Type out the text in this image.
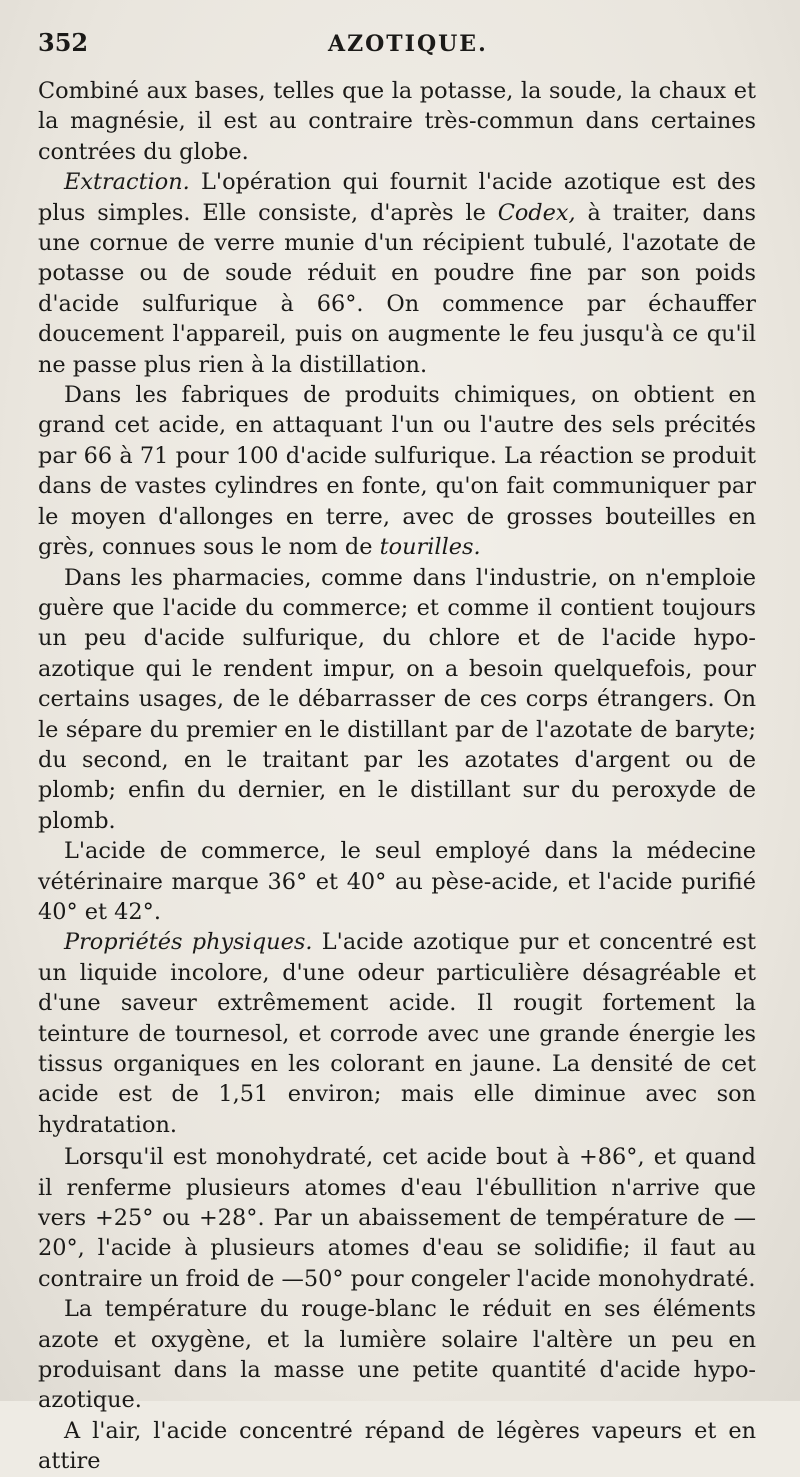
352	AZOTIQUE.

Combiné aux bases, telles que la potasse, la soude, la chaux et la magnésie, il est au contraire très-commun dans certaines contrées du globe.

Extraction. L'opération qui fournit l'acide azotique est des plus simples. Elle consiste, d'après le Codex, à traiter, dans une cornue de verre munie d'un récipient tubulé, l'azotate de potasse ou de soude réduit en poudre fine par son poids d'acide sulfurique à 66°. On commence par échauffer doucement l'appareil, puis on augmente le feu jusqu'à ce qu'il ne passe plus rien à la distillation.

Dans les fabriques de produits chimiques, on obtient en grand cet acide, en attaquant l'un ou l'autre des sels précités par 66 à 71 pour 100 d'acide sulfurique. La réaction se produit dans de vastes cylindres en fonte, qu'on fait communiquer par le moyen d'allonges en terre, avec de grosses bouteilles en grès, connues sous le nom de tourilles.

Dans les pharmacies, comme dans l'industrie, on n'emploie guère que l'acide du commerce; et comme il contient toujours un peu d'acide sulfurique, du chlore et de l'acide hypo-azotique qui le rendent impur, on a besoin quelquefois, pour certains usages, de le débarrasser de ces corps étrangers. On le sépare du premier en le distillant par de l'azotate de baryte; du second, en le traitant par les azotates d'argent ou de plomb; enfin du dernier, en le distillant sur du peroxyde de plomb.

L'acide de commerce, le seul employé dans la médecine vétérinaire marque 36° et 40° au pèse-acide, et l'acide purifié 40° et 42°.

Propriétés physiques. L'acide azotique pur et concentré est un liquide incolore, d'une odeur particulière désagréable et d'une saveur extrêmement acide. Il rougit fortement la teinture de tournesol, et corrode avec une grande énergie les tissus organiques en les colorant en jaune. La densité de cet acide est de 1,51 environ; mais elle diminue avec son hydratation.

Lorsqu'il est monohydraté, cet acide bout à +86°, et quand il renferme plusieurs atomes d'eau l'ébullition n'arrive que vers +25° ou +28°. Par un abaissement de température de —20°, l'acide à plusieurs atomes d'eau se solidifie; il faut au contraire un froid de —50° pour congeler l'acide monohydraté.

La température du rouge-blanc le réduit en ses éléments azote et oxygène, et la lumière solaire l'altère un peu en produisant dans la masse une petite quantité d'acide hypo-azotique.

A l'air, l'acide concentré répand de légères vapeurs et en attire
